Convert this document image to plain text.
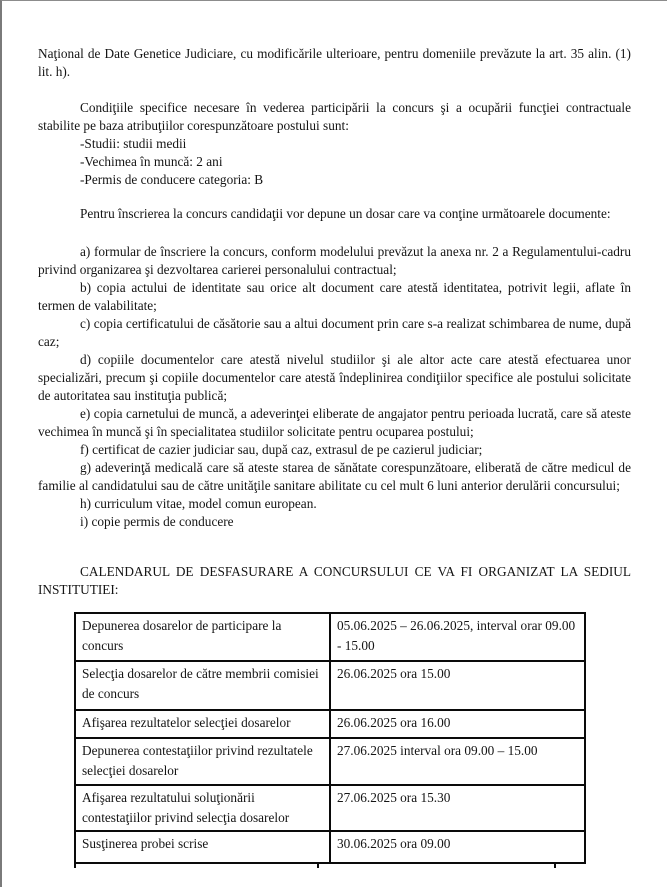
Naţional de Date Genetice Judiciare, cu modificările ulterioare, pentru domeniile prevăzute la art. 35 alin. (1) lit. h).

Condiţiile specifice necesare în vederea participării la concurs şi a ocupării funcţiei contractuale stabilite pe baza atribuţiilor corespunzătoare postului sunt:

-Studii: studii medii

-Vechimea în muncă: 2 ani

-Permis de conducere categoria: B

Pentru înscrierea la concurs candidaţii vor depune un dosar care va conţine următoarele documente:

a) formular de înscriere la concurs, conform modelului prevăzut la anexa nr. 2 a Regulamentului-cadru privind organizarea şi dezvoltarea carierei personalului contractual;

b) copia actului de identitate sau orice alt document care atestă identitatea, potrivit legii, aflate în termen de valabilitate;

c) copia certificatului de căsătorie sau a altui document prin care s-a realizat schimbarea de nume, după caz;

d) copiile documentelor care atestă nivelul studiilor şi ale altor acte care atestă efectuarea unor specializări, precum şi copiile documentelor care atestă îndeplinirea condiţiilor specifice ale postului solicitate de autoritatea sau instituţia publică;

e) copia carnetului de muncă, a adeverinţei eliberate de angajator pentru perioada lucrată, care să ateste vechimea în muncă şi în specialitatea studiilor solicitate pentru ocuparea postului;

f) certificat de cazier judiciar sau, după caz, extrasul de pe cazierul judiciar;

g) adeverinţă medicală care să ateste starea de sănătate corespunzătoare, eliberată de către medicul de familie al candidatului sau de către unităţile sanitare abilitate cu cel mult 6 luni anterior derulării concursului;

h) curriculum vitae, model comun european.

i) copie permis de conducere

CALENDARUL DE DESFASURARE A CONCURSULUI CE VA FI ORGANIZAT LA SEDIUL INSTITUTIEI:

Depunerea dosarelor de participare la concurs	05.06.2025 – 26.06.2025, interval orar 09.00 - 15.00
Selecţia dosarelor de către membrii comisiei de concurs	26.06.2025 ora 15.00
Afişarea rezultatelor selecţiei dosarelor	26.06.2025 ora 16.00
Depunerea contestaţiilor privind rezultatele selecţiei dosarelor	27.06.2025 interval ora 09.00 – 15.00
Afişarea rezultatului soluţionării contestaţiilor privind selecţia dosarelor	27.06.2025 ora 15.30
Susţinerea probei scrise	30.06.2025 ora 09.00
